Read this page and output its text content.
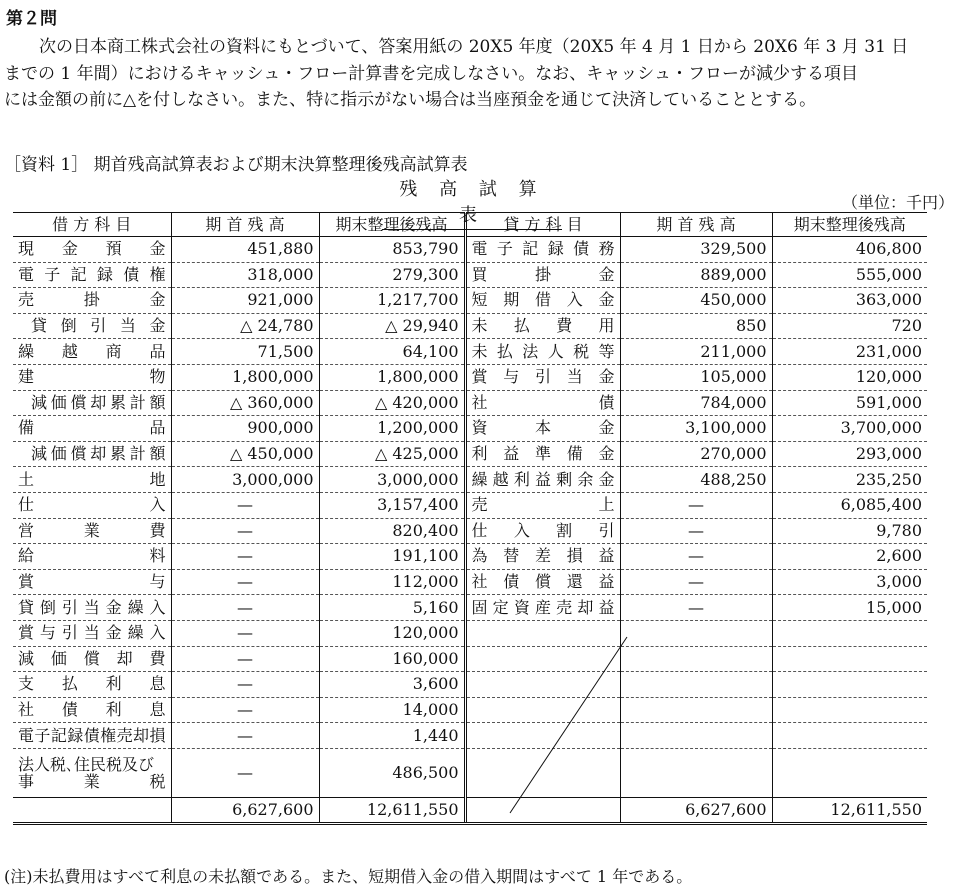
第２問

次の日本商工株式会社の資料にもとづいて、答案用紙の 20X5 年度（20X5 年 4 月 1 日から 20X6 年 3 月 31 日

までの 1 年間）におけるキャッシュ・フロー計算書を完成しなさい。なお、キャッシュ・フローが減少する項目

には金額の前に△を付しなさい。また、特に指示がない場合は当座預金を通じて決済していることとする。

［資料 1］ 期首残高試算表および期末決算整理後残高試算表
残 高 試 算 表
（単位：千円）
借 方 科 目	期 首 残 高	期末整理後残高	貸 方 科 目	期 首 残 高	期末整理後残高
現金預金	451,880	853,790	電子記録債務	329,500	406,800
電子記録債権	318,000	279,300	買掛金	889,000	555,000
売掛金	921,000	1,217,700	短期借入金	450,000	363,000
貸倒引当金	△ 24,780	△ 29,940	未払費用	850	720
繰越商品	71,500	64,100	未払法人税等	211,000	231,000
建物	1,800,000	1,800,000	賞与引当金	105,000	120,000
減価償却累計額	△ 360,000	△ 420,000	社債	784,000	591,000
備品	900,000	1,200,000	資本金	3,100,000	3,700,000
減価償却累計額	△ 450,000	△ 425,000	利益準備金	270,000	293,000
土地	3,000,000	3,000,000	繰越利益剰余金	488,250	235,250
仕入	—	3,157,400	売上	—	6,085,400
営業費	—	820,400	仕入割引	—	9,780
給料	—	191,100	為替差損益	—	2,600
賞与	—	112,000	社債償還益	—	3,000
貸倒引当金繰入	—	5,160	固定資産売却益	—	15,000
賞与引当金繰入	—	120,000			
減価償却費	—	160,000			
支払利息	—	3,600			
社債利息	—	14,000			
電子記録債権売却損	—	1,440			

法人税､住民税及び
事 業 税	—	486,500			
	6,627,600	12,611,550		6,627,600	12,611,550
(注)未払費用はすべて利息の未払額である。また、短期借入金の借入期間はすべて 1 年である。
